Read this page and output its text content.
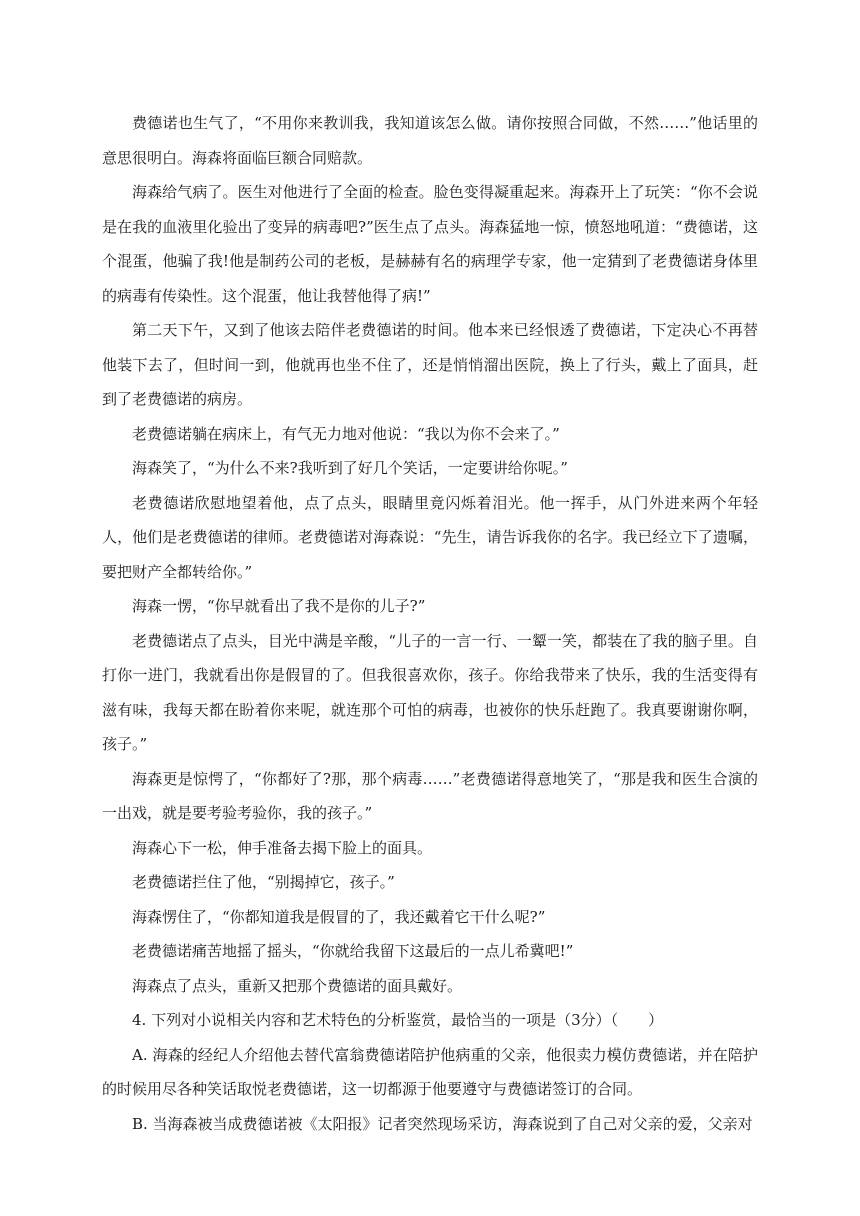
费德诺也生气了，“不用你来教训我，我知道该怎么做。请你按照合同做，不然……”他话里的意思很明白。海森将面临巨额合同赔款。

海森给气病了。医生对他进行了全面的检查。脸色变得凝重起来。海森开上了玩笑：“你不会说是在我的血液里化验出了变异的病毒吧?”医生点了点头。海森猛地一惊，愤怒地吼道：“费德诺，这个混蛋，他骗了我!他是制药公司的老板，是赫赫有名的病理学专家，他一定猜到了老费德诺身体里的病毒有传染性。这个混蛋，他让我替他得了病!”

第二天下午，又到了他该去陪伴老费德诺的时间。他本来已经恨透了费德诺，下定决心不再替他装下去了，但时间一到，他就再也坐不住了，还是悄悄溜出医院，换上了行头，戴上了面具，赶到了老费德诺的病房。

老费德诺躺在病床上，有气无力地对他说：“我以为你不会来了。”

海森笑了，“为什么不来?我听到了好几个笑话，一定要讲给你呢。”

老费德诺欣慰地望着他，点了点头，眼睛里竟闪烁着泪光。他一挥手，从门外进来两个年轻人，他们是老费德诺的律师。老费德诺对海森说：“先生，请告诉我你的名字。我已经立下了遗嘱，要把财产全都转给你。”

海森一愣，“你早就看出了我不是你的儿子?”

老费德诺点了点头，目光中满是辛酸，“儿子的一言一行、一颦一笑，都装在了我的脑子里。自打你一进门，我就看出你是假冒的了。但我很喜欢你，孩子。你给我带来了快乐，我的生活变得有滋有味，我每天都在盼着你来呢，就连那个可怕的病毒，也被你的快乐赶跑了。我真要谢谢你啊，孩子。”

海森更是惊愕了，“你都好了?那，那个病毒……”老费德诺得意地笑了，“那是我和医生合演的一出戏，就是要考验考验你，我的孩子。”

海森心下一松，伸手准备去揭下脸上的面具。

老费德诺拦住了他，“别揭掉它，孩子。”

海森愣住了，“你都知道我是假冒的了，我还戴着它干什么呢?”

老费德诺痛苦地摇了摇头，“你就给我留下这最后的一点儿希冀吧!”

海森点了点头，重新又把那个费德诺的面具戴好。

4. 下列对小说相关内容和艺术特色的分析鉴赏，最恰当的一项是（3分）（　　）

A. 海森的经纪人介绍他去替代富翁费德诺陪护他病重的父亲，他很卖力模仿费德诺，并在陪护的时候用尽各种笑话取悦老费德诺，这一切都源于他要遵守与费德诺签订的合同。

B. 当海森被当成费德诺被《太阳报》记者突然现场采访，海森说到了自己对父亲的爱，父亲对
